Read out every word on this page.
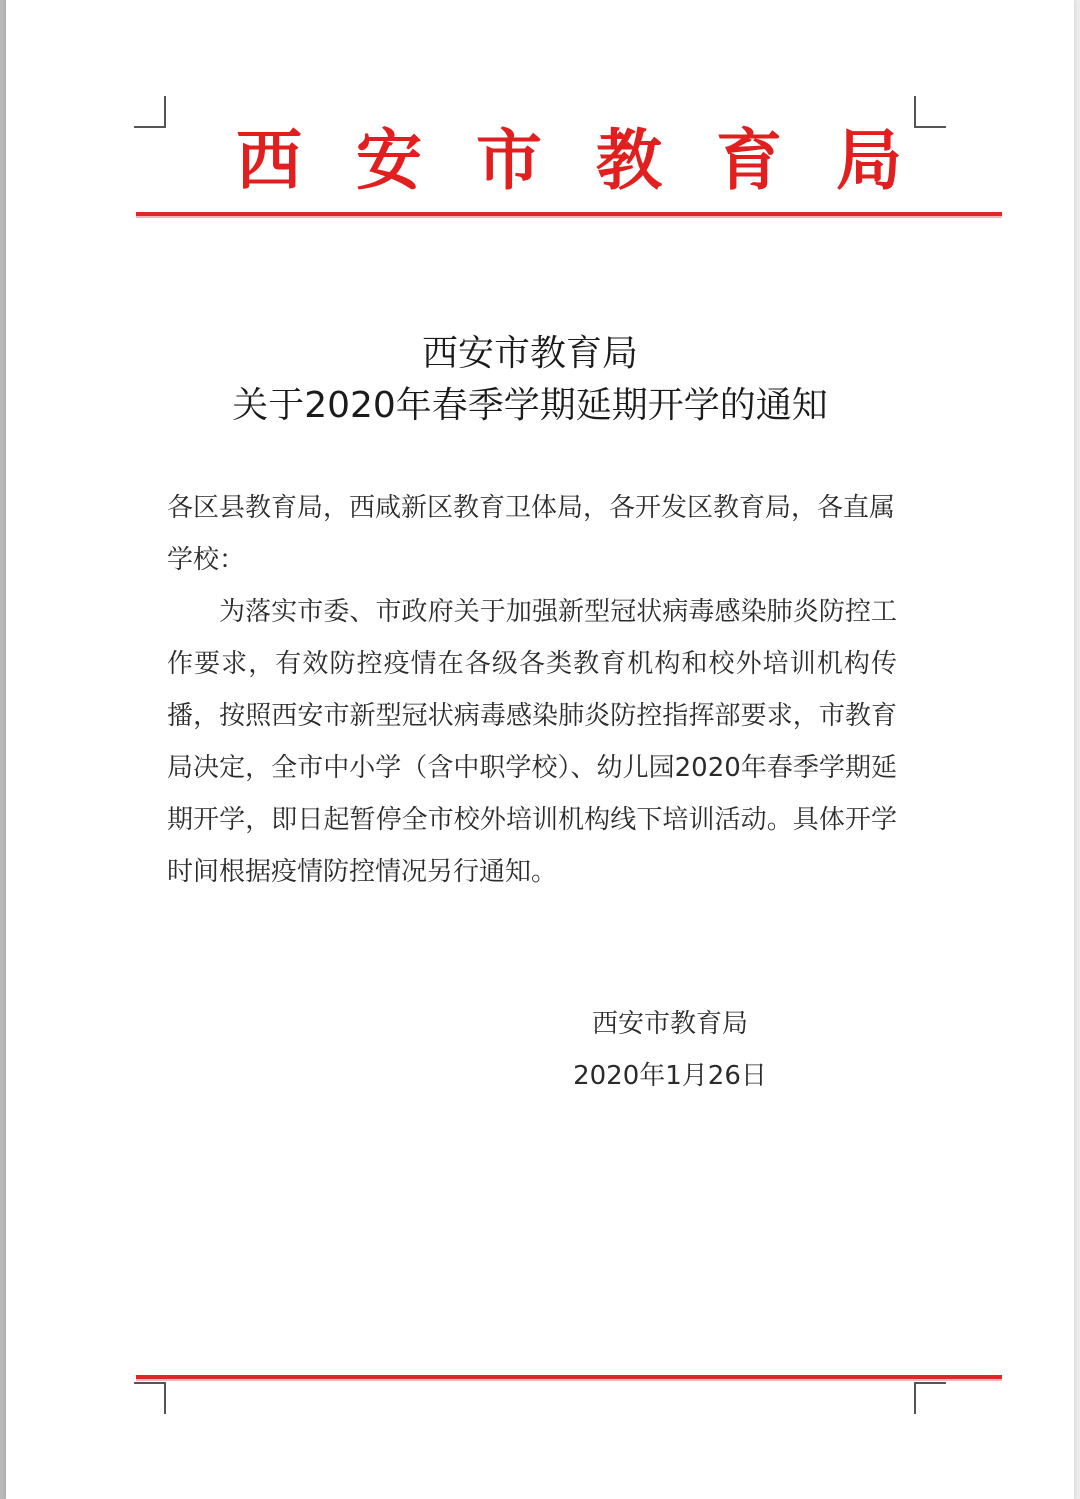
西 安 市 教 育 局
西安市教育局
关于2020年春季学期延期开学的通知
各区县教育局，西咸新区教育卫体局，各开发区教育局，各直属学校：
为落实市委、市政府关于加强新型冠状病毒感染肺炎防控工作要求，有效防控疫情在各级各类教育机构和校外培训机构传播，按照西安市新型冠状病毒感染肺炎防控指挥部要求，市教育局决定，全市中小学（含中职学校）、幼儿园2020年春季学期延期开学，即日起暂停全市校外培训机构线下培训活动。具体开学时间根据疫情防控情况另行通知。
西安市教育局
2020年1月26日
